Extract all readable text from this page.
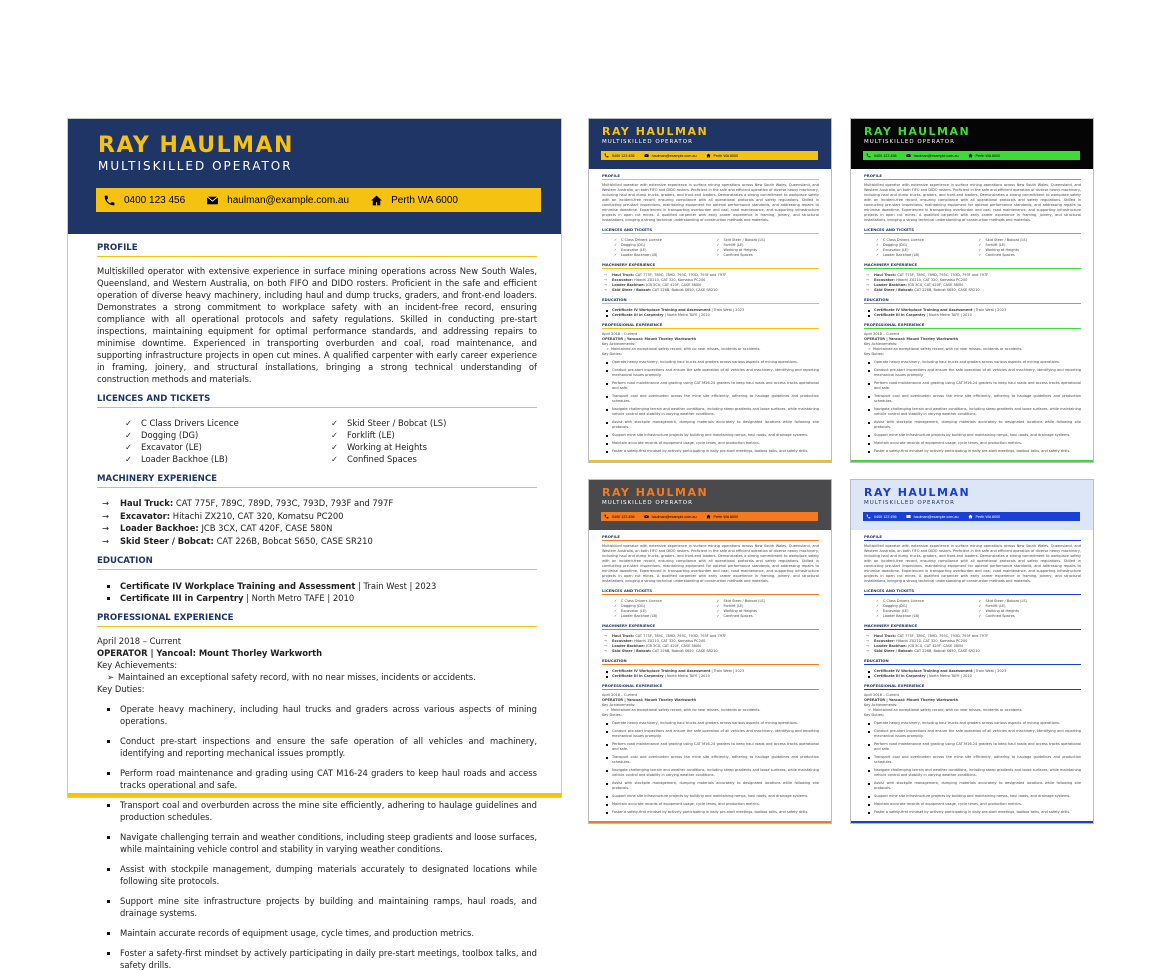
RAY HAULMAN
MULTISKILLED OPERATOR
0400 123 456	haulman@example.com.au	Perth WA 6000
PROFILE
Multiskilled operator with extensive experience in surface mining operations across New South Wales, Queensland, and Western Australia, on both FIFO and DIDO rosters. Proficient in the safe and efficient operation of diverse heavy machinery, including haul and dump trucks, graders, and front-end loaders. Demonstrates a strong commitment to workplace safety with an incident-free record, ensuring compliance with all operational protocols and safety regulations. Skilled in conducting pre-start inspections, maintaining equipment for optimal performance standards, and addressing repairs to minimise downtime. Experienced in transporting overburden and coal, road maintenance, and supporting infrastructure projects in open cut mines. A qualified carpenter with early career experience in framing, joinery, and structural installations, bringing a strong technical understanding of construction methods and materials.
LICENCES AND TICKETS
✓	C Class Drivers Licence	✓	Skid Steer / Bobcat (LS)
✓	Dogging (DG)	✓	Forklift (LE)
✓	Excavator (LE)	✓	Working at Heights
✓	Loader Backhoe (LB)	✓	Confined Spaces
MACHINERY EXPERIENCE
→	Haul Truck: CAT 775F, 789C, 789D, 793C, 793D, 793F and 797F
→	Excavator: Hitachi ZX210, CAT 320, Komatsu PC200
→	Loader Backhoe: JCB 3CX, CAT 420F, CASE 580N
→	Skid Steer / Bobcat: CAT 226B, Bobcat S650, CASE SR210
EDUCATION
Certificate IV Workplace Training and Assessment | Train West | 2023
Certificate III in Carpentry | North Metro TAFE | 2010
PROFESSIONAL EXPERIENCE
April 2018 – Current
OPERATOR | Yancoal: Mount Thorley Warkworth
Key Achievements:
➢ Maintained an exceptional safety record, with no near misses, incidents or accidents.
Key Duties:
Operate heavy machinery, including haul trucks and graders across various aspects of mining operations.
Conduct pre-start inspections and ensure the safe operation of all vehicles and machinery, identifying and reporting mechanical issues promptly.
Perform road maintenance and grading using CAT M16-24 graders to keep haul roads and access tracks operational and safe.
Transport coal and overburden across the mine site efficiently, adhering to haulage guidelines and production schedules.
Navigate challenging terrain and weather conditions, including steep gradients and loose surfaces, while maintaining vehicle control and stability in varying weather conditions.
Assist with stockpile management, dumping materials accurately to designated locations while following site protocols.
Support mine site infrastructure projects by building and maintaining ramps, haul roads, and drainage systems.
Maintain accurate records of equipment usage, cycle times, and production metrics.
Foster a safety-first mindset by actively participating in daily pre-start meetings, toolbox talks, and safety drills.
RAY HAULMAN
MULTISKILLED OPERATOR
0400 123 456	haulman@example.com.au	Perth WA 6000
PROFILE
Multiskilled operator with extensive experience in surface mining operations across New South Wales, Queensland, and Western Australia, on both FIFO and DIDO rosters. Proficient in the safe and efficient operation of diverse heavy machinery, including haul and dump trucks, graders, and front-end loaders. Demonstrates a strong commitment to workplace safety with an incident-free record, ensuring compliance with all operational protocols and safety regulations. Skilled in conducting pre-start inspections, maintaining equipment for optimal performance standards, and addressing repairs to minimise downtime. Experienced in transporting overburden and coal, road maintenance, and supporting infrastructure projects in open cut mines. A qualified carpenter with early career experience in framing, joinery, and structural installations, bringing a strong technical understanding of construction methods and materials.
LICENCES AND TICKETS
✓	C Class Drivers Licence	✓	Skid Steer / Bobcat (LS)
✓	Dogging (DG)	✓	Forklift (LE)
✓	Excavator (LE)	✓	Working at Heights
✓	Loader Backhoe (LB)	✓	Confined Spaces
MACHINERY EXPERIENCE
→	Haul Truck: CAT 775F, 789C, 789D, 793C, 793D, 793F and 797F
→	Excavator: Hitachi ZX210, CAT 320, Komatsu PC200
→	Loader Backhoe: JCB 3CX, CAT 420F, CASE 580N
→	Skid Steer / Bobcat: CAT 226B, Bobcat S650, CASE SR210
EDUCATION
Certificate IV Workplace Training and Assessment | Train West | 2023
Certificate III in Carpentry | North Metro TAFE | 2010
PROFESSIONAL EXPERIENCE
April 2018 – Current
OPERATOR | Yancoal: Mount Thorley Warkworth
Key Achievements:
➢ Maintained an exceptional safety record, with no near misses, incidents or accidents.
Key Duties:
Operate heavy machinery, including haul trucks and graders across various aspects of mining operations.
Conduct pre-start inspections and ensure the safe operation of all vehicles and machinery, identifying and reporting mechanical issues promptly.
Perform road maintenance and grading using CAT M16-24 graders to keep haul roads and access tracks operational and safe.
Transport coal and overburden across the mine site efficiently, adhering to haulage guidelines and production schedules.
Navigate challenging terrain and weather conditions, including steep gradients and loose surfaces, while maintaining vehicle control and stability in varying weather conditions.
Assist with stockpile management, dumping materials accurately to designated locations while following site protocols.
Support mine site infrastructure projects by building and maintaining ramps, haul roads, and drainage systems.
Maintain accurate records of equipment usage, cycle times, and production metrics.
Foster a safety-first mindset by actively participating in daily pre-start meetings, toolbox talks, and safety drills.
RAY HAULMAN
MULTISKILLED OPERATOR
0400 123 456	haulman@example.com.au	Perth WA 6000
PROFILE
Multiskilled operator with extensive experience in surface mining operations across New South Wales, Queensland, and Western Australia, on both FIFO and DIDO rosters. Proficient in the safe and efficient operation of diverse heavy machinery, including haul and dump trucks, graders, and front-end loaders. Demonstrates a strong commitment to workplace safety with an incident-free record, ensuring compliance with all operational protocols and safety regulations. Skilled in conducting pre-start inspections, maintaining equipment for optimal performance standards, and addressing repairs to minimise downtime. Experienced in transporting overburden and coal, road maintenance, and supporting infrastructure projects in open cut mines. A qualified carpenter with early career experience in framing, joinery, and structural installations, bringing a strong technical understanding of construction methods and materials.
LICENCES AND TICKETS
✓	C Class Drivers Licence	✓	Skid Steer / Bobcat (LS)
✓	Dogging (DG)	✓	Forklift (LE)
✓	Excavator (LE)	✓	Working at Heights
✓	Loader Backhoe (LB)	✓	Confined Spaces
MACHINERY EXPERIENCE
→	Haul Truck: CAT 775F, 789C, 789D, 793C, 793D, 793F and 797F
→	Excavator: Hitachi ZX210, CAT 320, Komatsu PC200
→	Loader Backhoe: JCB 3CX, CAT 420F, CASE 580N
→	Skid Steer / Bobcat: CAT 226B, Bobcat S650, CASE SR210
EDUCATION
Certificate IV Workplace Training and Assessment | Train West | 2023
Certificate III in Carpentry | North Metro TAFE | 2010
PROFESSIONAL EXPERIENCE
April 2018 – Current
OPERATOR | Yancoal: Mount Thorley Warkworth
Key Achievements:
➢ Maintained an exceptional safety record, with no near misses, incidents or accidents.
Key Duties:
Operate heavy machinery, including haul trucks and graders across various aspects of mining operations.
Conduct pre-start inspections and ensure the safe operation of all vehicles and machinery, identifying and reporting mechanical issues promptly.
Perform road maintenance and grading using CAT M16-24 graders to keep haul roads and access tracks operational and safe.
Transport coal and overburden across the mine site efficiently, adhering to haulage guidelines and production schedules.
Navigate challenging terrain and weather conditions, including steep gradients and loose surfaces, while maintaining vehicle control and stability in varying weather conditions.
Assist with stockpile management, dumping materials accurately to designated locations while following site protocols.
Support mine site infrastructure projects by building and maintaining ramps, haul roads, and drainage systems.
Maintain accurate records of equipment usage, cycle times, and production metrics.
Foster a safety-first mindset by actively participating in daily pre-start meetings, toolbox talks, and safety drills.
RAY HAULMAN
MULTISKILLED OPERATOR
0400 123 456	haulman@example.com.au	Perth WA 6000
PROFILE
Multiskilled operator with extensive experience in surface mining operations across New South Wales, Queensland, and Western Australia, on both FIFO and DIDO rosters. Proficient in the safe and efficient operation of diverse heavy machinery, including haul and dump trucks, graders, and front-end loaders. Demonstrates a strong commitment to workplace safety with an incident-free record, ensuring compliance with all operational protocols and safety regulations. Skilled in conducting pre-start inspections, maintaining equipment for optimal performance standards, and addressing repairs to minimise downtime. Experienced in transporting overburden and coal, road maintenance, and supporting infrastructure projects in open cut mines. A qualified carpenter with early career experience in framing, joinery, and structural installations, bringing a strong technical understanding of construction methods and materials.
LICENCES AND TICKETS
✓	C Class Drivers Licence	✓	Skid Steer / Bobcat (LS)
✓	Dogging (DG)	✓	Forklift (LE)
✓	Excavator (LE)	✓	Working at Heights
✓	Loader Backhoe (LB)	✓	Confined Spaces
MACHINERY EXPERIENCE
→	Haul Truck: CAT 775F, 789C, 789D, 793C, 793D, 793F and 797F
→	Excavator: Hitachi ZX210, CAT 320, Komatsu PC200
→	Loader Backhoe: JCB 3CX, CAT 420F, CASE 580N
→	Skid Steer / Bobcat: CAT 226B, Bobcat S650, CASE SR210
EDUCATION
Certificate IV Workplace Training and Assessment | Train West | 2023
Certificate III in Carpentry | North Metro TAFE | 2010
PROFESSIONAL EXPERIENCE
April 2018 – Current
OPERATOR | Yancoal: Mount Thorley Warkworth
Key Achievements:
➢ Maintained an exceptional safety record, with no near misses, incidents or accidents.
Key Duties:
Operate heavy machinery, including haul trucks and graders across various aspects of mining operations.
Conduct pre-start inspections and ensure the safe operation of all vehicles and machinery, identifying and reporting mechanical issues promptly.
Perform road maintenance and grading using CAT M16-24 graders to keep haul roads and access tracks operational and safe.
Transport coal and overburden across the mine site efficiently, adhering to haulage guidelines and production schedules.
Navigate challenging terrain and weather conditions, including steep gradients and loose surfaces, while maintaining vehicle control and stability in varying weather conditions.
Assist with stockpile management, dumping materials accurately to designated locations while following site protocols.
Support mine site infrastructure projects by building and maintaining ramps, haul roads, and drainage systems.
Maintain accurate records of equipment usage, cycle times, and production metrics.
Foster a safety-first mindset by actively participating in daily pre-start meetings, toolbox talks, and safety drills.
RAY HAULMAN
MULTISKILLED OPERATOR
0400 123 456	haulman@example.com.au	Perth WA 6000
PROFILE
Multiskilled operator with extensive experience in surface mining operations across New South Wales, Queensland, and Western Australia, on both FIFO and DIDO rosters. Proficient in the safe and efficient operation of diverse heavy machinery, including haul and dump trucks, graders, and front-end loaders. Demonstrates a strong commitment to workplace safety with an incident-free record, ensuring compliance with all operational protocols and safety regulations. Skilled in conducting pre-start inspections, maintaining equipment for optimal performance standards, and addressing repairs to minimise downtime. Experienced in transporting overburden and coal, road maintenance, and supporting infrastructure projects in open cut mines. A qualified carpenter with early career experience in framing, joinery, and structural installations, bringing a strong technical understanding of construction methods and materials.
LICENCES AND TICKETS
✓	C Class Drivers Licence	✓	Skid Steer / Bobcat (LS)
✓	Dogging (DG)	✓	Forklift (LE)
✓	Excavator (LE)	✓	Working at Heights
✓	Loader Backhoe (LB)	✓	Confined Spaces
MACHINERY EXPERIENCE
→	Haul Truck: CAT 775F, 789C, 789D, 793C, 793D, 793F and 797F
→	Excavator: Hitachi ZX210, CAT 320, Komatsu PC200
→	Loader Backhoe: JCB 3CX, CAT 420F, CASE 580N
→	Skid Steer / Bobcat: CAT 226B, Bobcat S650, CASE SR210
EDUCATION
Certificate IV Workplace Training and Assessment | Train West | 2023
Certificate III in Carpentry | North Metro TAFE | 2010
PROFESSIONAL EXPERIENCE
April 2018 – Current
OPERATOR | Yancoal: Mount Thorley Warkworth
Key Achievements:
➢ Maintained an exceptional safety record, with no near misses, incidents or accidents.
Key Duties:
Operate heavy machinery, including haul trucks and graders across various aspects of mining operations.
Conduct pre-start inspections and ensure the safe operation of all vehicles and machinery, identifying and reporting mechanical issues promptly.
Perform road maintenance and grading using CAT M16-24 graders to keep haul roads and access tracks operational and safe.
Transport coal and overburden across the mine site efficiently, adhering to haulage guidelines and production schedules.
Navigate challenging terrain and weather conditions, including steep gradients and loose surfaces, while maintaining vehicle control and stability in varying weather conditions.
Assist with stockpile management, dumping materials accurately to designated locations while following site protocols.
Support mine site infrastructure projects by building and maintaining ramps, haul roads, and drainage systems.
Maintain accurate records of equipment usage, cycle times, and production metrics.
Foster a safety-first mindset by actively participating in daily pre-start meetings, toolbox talks, and safety drills.
